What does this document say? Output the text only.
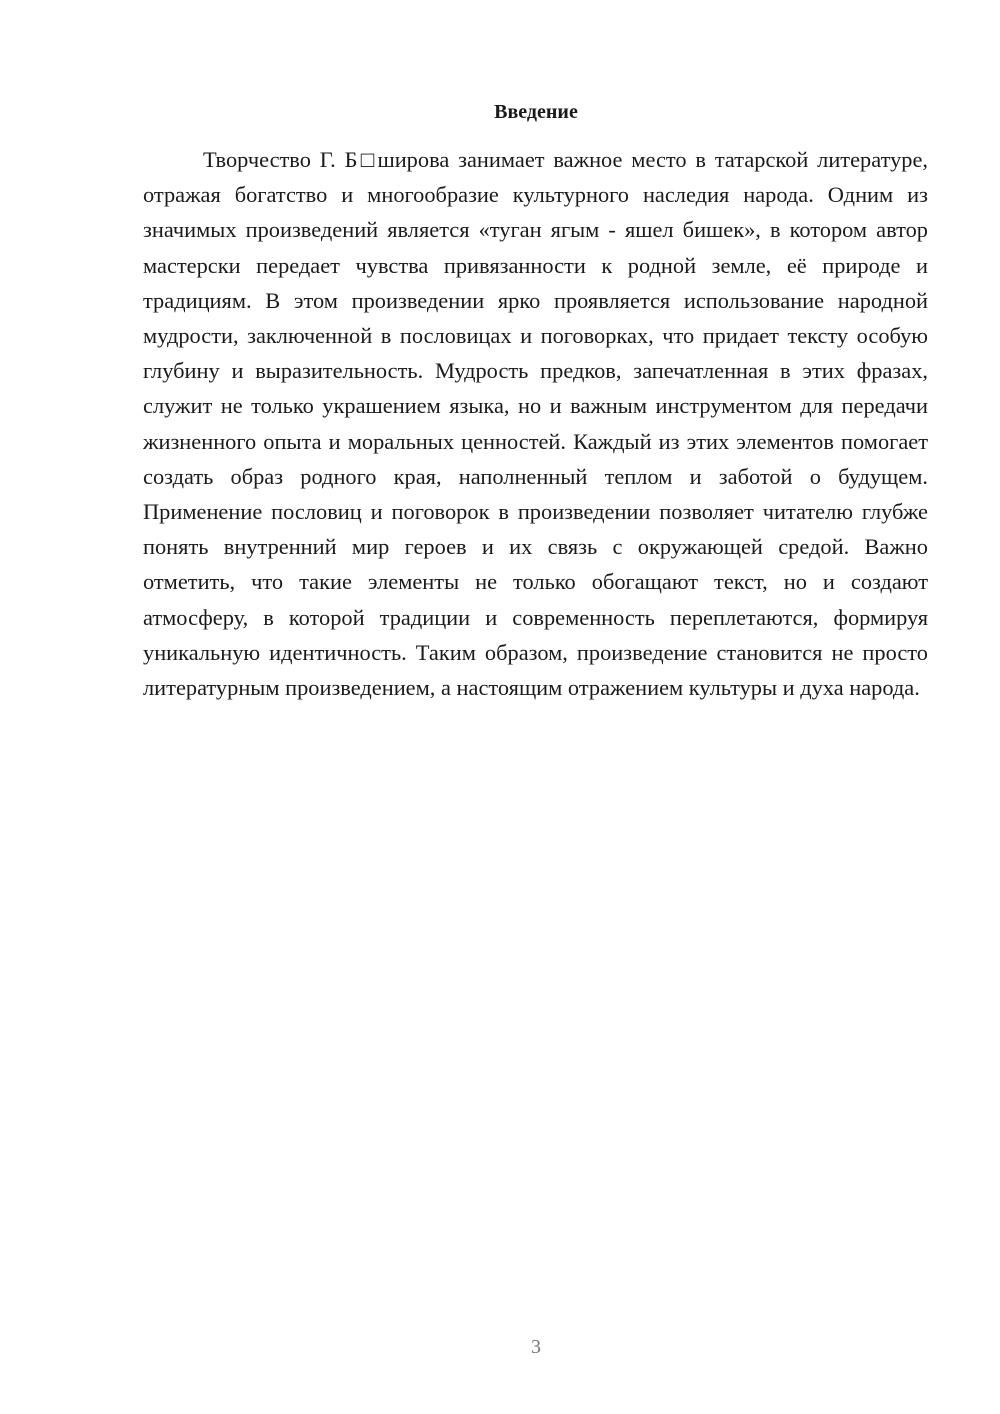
Введение

Творчество Г. Б□широва занимает важное место в татарской литературе, отражая богатство и многообразие культурного наследия народа. Одним из значимых произведений является «туган ягым - яшел бишек», в котором автор мастерски передает чувства привязанности к родной земле, её природе и традициям. В этом произведении ярко проявляется использование народной мудрости, заключенной в пословицах и поговорках, что придает тексту особую глубину и выразительность. Мудрость предков, запечатленная в этих фразах, служит не только украшением языка, но и важным инструментом для передачи жизненного опыта и моральных ценностей. Каждый из этих элементов помогает создать образ родного края, наполненный теплом и заботой о будущем. Применение пословиц и поговорок в произведении позволяет читателю глубже понять внутренний мир героев и их связь с окружающей средой. Важно отметить, что такие элементы не только обогащают текст, но и создают атмосферу, в которой традиции и современность переплетаются, формируя уникальную идентичность. Таким образом, произведение становится не просто литературным произведением, а настоящим отражением культуры и духа народа.

3
